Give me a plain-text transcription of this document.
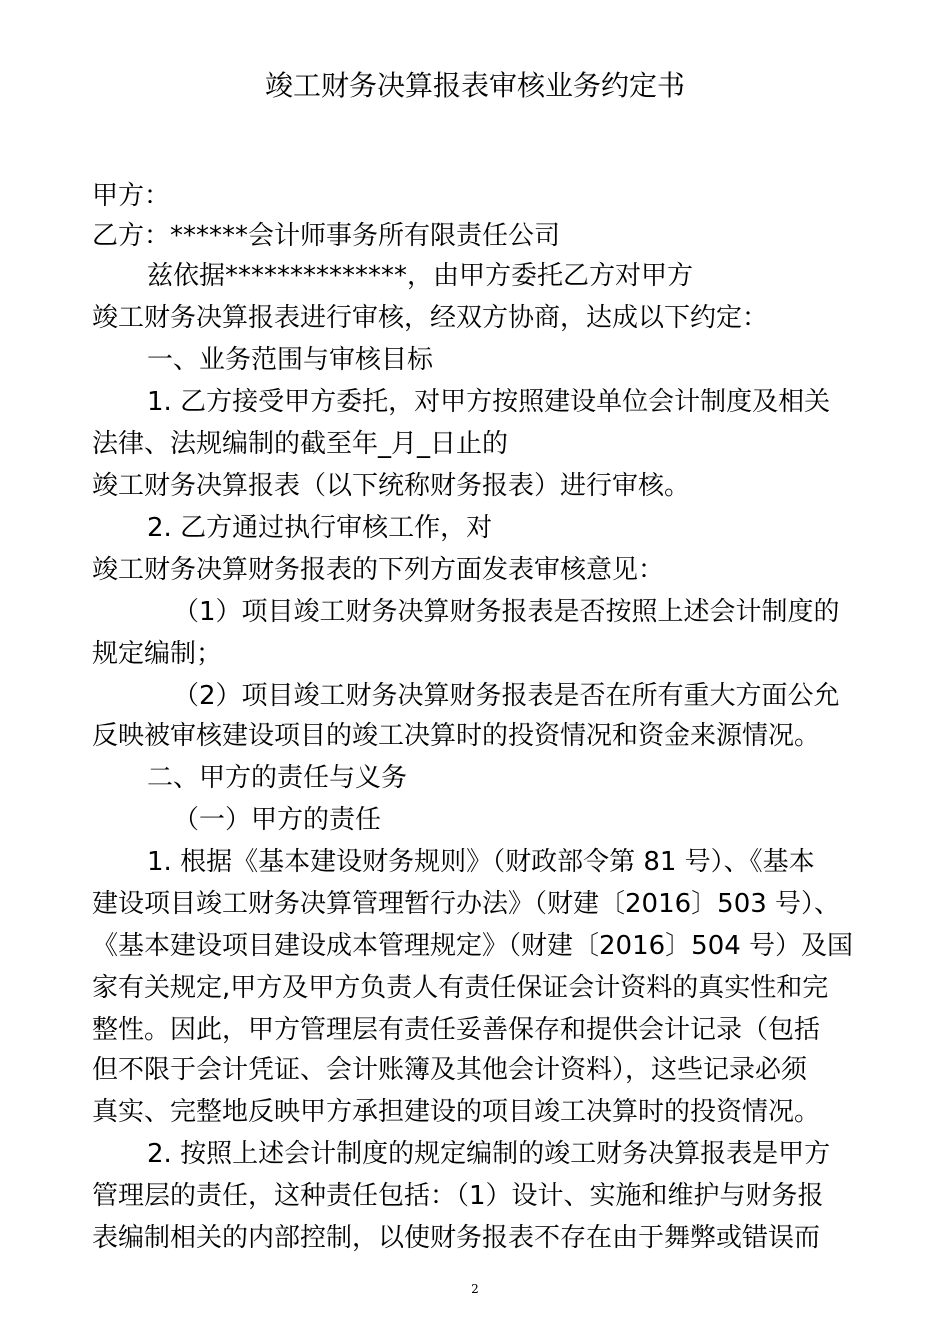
竣工财务决算报表审核业务约定书
甲方：
乙方：******会计师事务所有限责任公司
兹依据**************，由甲方委托乙方对甲方
竣工财务决算报表进行审核，经双方协商，达成以下约定：
一、业务范围与审核目标
1. 乙方接受甲方委托，对甲方按照建设单位会计制度及相关
法律、法规编制的截至年_月_日止的
竣工财务决算报表（以下统称财务报表）进行审核。
2. 乙方通过执行审核工作，对
竣工财务决算财务报表的下列方面发表审核意见：
（1）项目竣工财务决算财务报表是否按照上述会计制度的
规定编制；
（2）项目竣工财务决算财务报表是否在所有重大方面公允
反映被审核建设项目的竣工决算时的投资情况和资金来源情况。
二、甲方的责任与义务
（一）甲方的责任
1. 根据《基本建设财务规则》（财政部令第 81 号）、《基本
建设项目竣工财务决算管理暂行办法》（财建〔2016〕503 号）、
《基本建设项目建设成本管理规定》（财建〔2016〕504 号）及国
家有关规定,甲方及甲方负责人有责任保证会计资料的真实性和完
整性。因此，甲方管理层有责任妥善保存和提供会计记录（包括
但不限于会计凭证、会计账簿及其他会计资料），这些记录必须
真实、完整地反映甲方承担建设的项目竣工决算时的投资情况。
2. 按照上述会计制度的规定编制的竣工财务决算报表是甲方
管理层的责任，这种责任包括：（1）设计、实施和维护与财务报
表编制相关的内部控制，以使财务报表不存在由于舞弊或错误而
2
